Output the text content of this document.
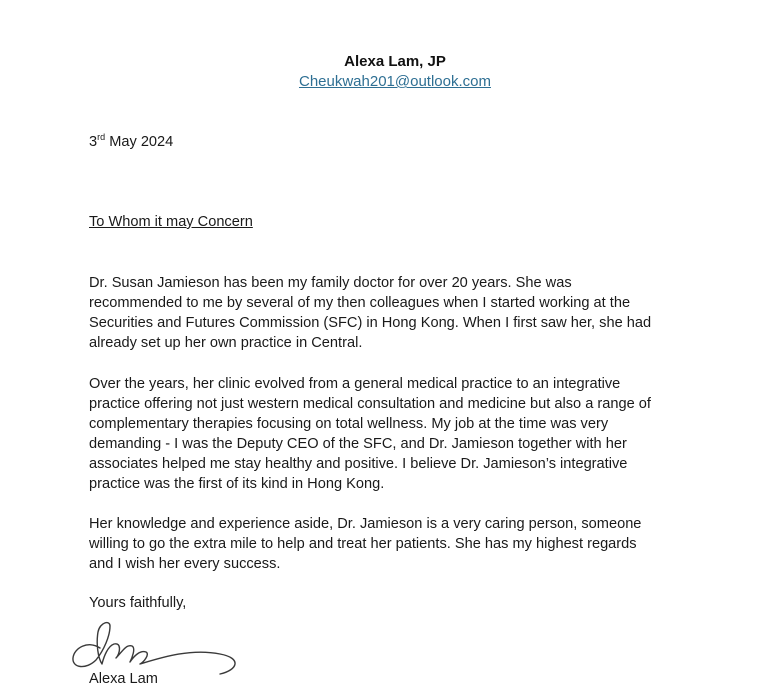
Alexa Lam, JP
Cheukwah201@outlook.com
3rd May 2024
To Whom it may Concern

Dr. Susan Jamieson has been my family doctor for over 20 years. She was

recommended to me by several of my then colleagues when I started working at the

Securities and Futures Commission (SFC) in Hong Kong. When I first saw her, she had

already set up her own practice in Central.

Over the years, her clinic evolved from a general medical practice to an integrative

practice offering not just western medical consultation and medicine but also a range of

complementary therapies focusing on total wellness. My job at the time was very

demanding - I was the Deputy CEO of the SFC, and Dr. Jamieson together with her

associates helped me stay healthy and positive. I believe Dr. Jamieson’s integrative

practice was the first of its kind in Hong Kong.

Her knowledge and experience aside, Dr. Jamieson is a very caring person, someone

willing to go the extra mile to help and treat her patients. She has my highest regards

and I wish her every success.

Yours faithfully,
Alexa Lam
